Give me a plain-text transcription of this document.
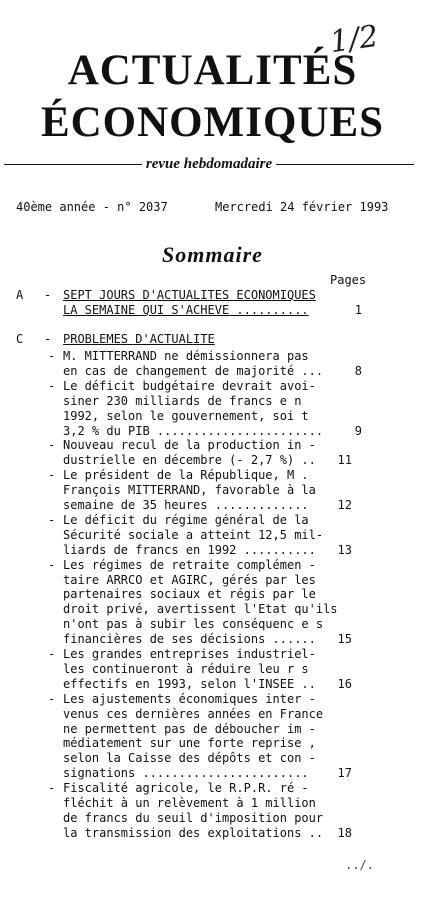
1/2
ACTUALITÉS
ÉCONOMIQUES
revue hebdomadaire
40ème année - n° 2037	Mercredi 24 février 1993
Sommaire
Pages
A - SEPT JOURS D'ACTUALITES ECONOMIQUES
LA SEMAINE QUI S'ACHEVE ..........	1
C - PROBLEMES D'ACTUALITE
- M. MITTERRAND ne démissionnera pas
en cas de changement de majorité ...	8
- Le déficit budgétaire devrait avoi-
siner 230 milliards de francs e n
1992, selon le gouvernement, soi t
3,2 % du PIB .......................	9
- Nouveau recul de la production in -
dustrielle en décembre (- 2,7 %) ..	11
- Le président de la République, M .
François MITTERRAND, favorable à la
semaine de 35 heures .............	12
- Le déficit du régime général de la
Sécurité sociale a atteint 12,5 mil-
liards de francs en 1992 ..........	13
- Les régimes de retraite complémen -
taire ARRCO et AGIRC, gérés par les
partenaires sociaux et régis par le
droit privé, avertissent l'Etat qu'ils
n'ont pas à subir les conséquenc e s
financières de ses décisions ......	15
- Les grandes entreprises industriel-
les continueront à réduire leu r s
effectifs en 1993, selon l'INSEE ..	16
- Les ajustements économiques inter -
venus ces dernières années en France
ne permettent pas de déboucher im -
médiatement sur une forte reprise ,
selon la Caisse des dépôts et con -
signations .......................	17
- Fiscalité agricole, le R.P.R. ré -
fléchit à un relèvement à 1 million
de francs du seuil d'imposition pour
la transmission des exploitations ..	18
../.
